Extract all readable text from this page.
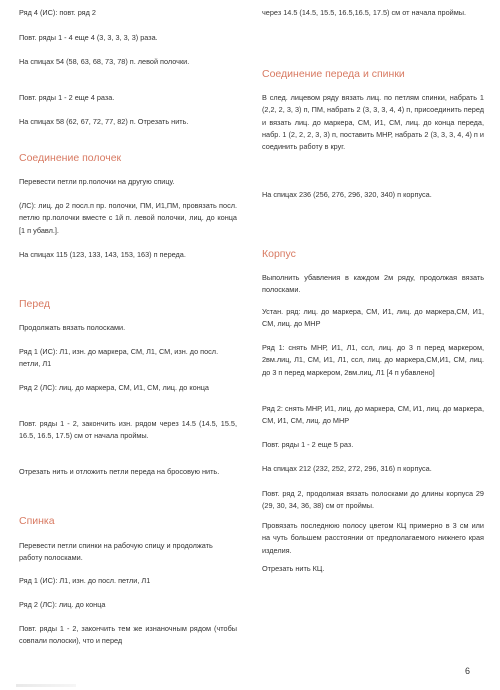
Ряд 4 (ИС): повт. ряд 2

Повт. ряды 1 - 4 еще 4 (3, 3, 3, 3, 3) раза.

На спицах 54 (58, 63, 68, 73, 78) п. левой полочки.

Повт. ряды 1 - 2 еще 4 раза.

На спицах 58 (62, 67, 72, 77, 82) п. Отрезать нить.

Соединение полочек

Перевести петли пр.полочки на другую спицу.

(ЛС): лиц. до 2 посл.п пр. полочки, ПМ, И1,ПМ, провязать посл. петлю пр.полочки вместе с 1й п. левой полочки, лиц. до конца [1 п убавл.].

На спицах 115 (123, 133, 143, 153, 163) п переда.

Перед

Продолжать вязать полосками.

Ряд 1 (ИС): Л1, изн. до маркера, СМ, Л1, СМ, изн. до посл. петли, Л1

Ряд 2 (ЛС): лиц. до маркера, СМ, И1, СМ, лиц. до конца

Повт. ряды 1 - 2, закончить изн. рядом через 14.5 (14.5, 15.5, 16.5, 16.5, 17.5) см от начала проймы.

Отрезать нить и отложить петли переда на бросовую нить.

Спинка

Перевести петли спинки на рабочую спицу и продолжать работу полосками.

Ряд 1 (ИС): Л1, изн. до посл. петли, Л1

Ряд 2 (ЛС): лиц. до конца

Повт. ряды 1 - 2, закончить тем же изнаночным рядом (чтобы совпали полоски), что и перед

через 14.5 (14.5, 15.5, 16.5,16.5, 17.5) см от начала проймы.

Соединение переда и спинки

В след. лицевом ряду вязать лиц. по петлям спинки, набрать 1 (2,2, 2, 3, 3) п, ПМ, набрать 2 (3, 3, 3, 4, 4) п, присоединить перед и вязать лиц. до маркера, СМ, И1, СМ, лиц. до конца переда, набр. 1 (2, 2, 2, 3, 3) п, поставить МНР, набрать 2 (3, 3, 3, 4, 4) п и соединить работу в круг.

На спицах 236 (256, 276, 296, 320, 340) п корпуса.

Корпус

Выполнить убавления в каждом 2м ряду, продолжая вязать полосками.

Устан. ряд: лиц. до маркера, СМ, И1, лиц. до маркера,СМ, И1, СМ, лиц. до МНР

Ряд 1: снять МНР, И1, Л1, ссл, лиц. до 3 п перед маркером, 2вм.лиц, Л1, СМ, И1, Л1, ссл, лиц. до маркера,СМ,И1, СМ, лиц. до 3 п перед маркером, 2вм.лиц, Л1 [4 п убавлено]

Ряд 2: снять МНР, И1, лиц. до маркера, СМ, И1, лиц. до маркера, СМ, И1, СМ, лиц. до МНР

Повт. ряды 1 - 2 еще 5 раз.

На спицах 212 (232, 252, 272, 296, 316) п корпуса.

Повт. ряд 2, продолжая вязать полосками до длины корпуса 29 (29, 30, 34, 36, 38) см от проймы.

Провязать последнюю полосу цветом КЦ примерно в 3 см или на чуть большем расстоянии от предполагаемого нижнего края изделия.

Отрезать нить КЦ.

6
